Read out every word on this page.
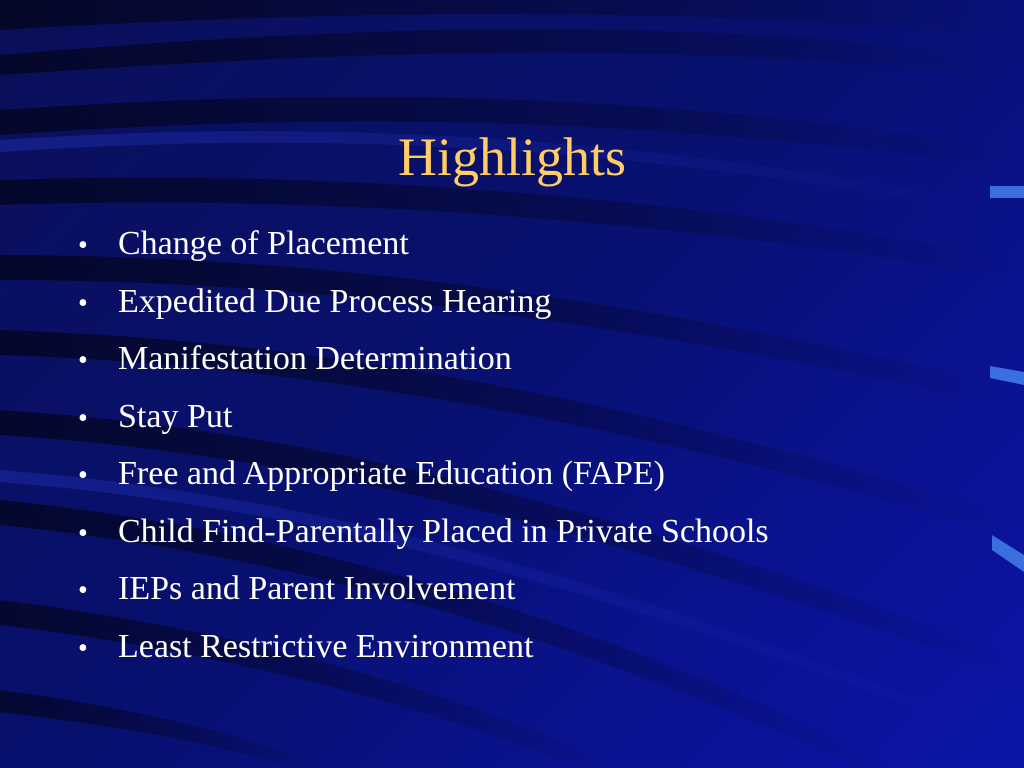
Highlights
• Change of Placement
• Expedited Due Process Hearing
• Manifestation Determination
• Stay Put
• Free and Appropriate Education (FAPE)
• Child Find-Parentally Placed in Private Schools
• IEPs and Parent Involvement
• Least Restrictive Environment
